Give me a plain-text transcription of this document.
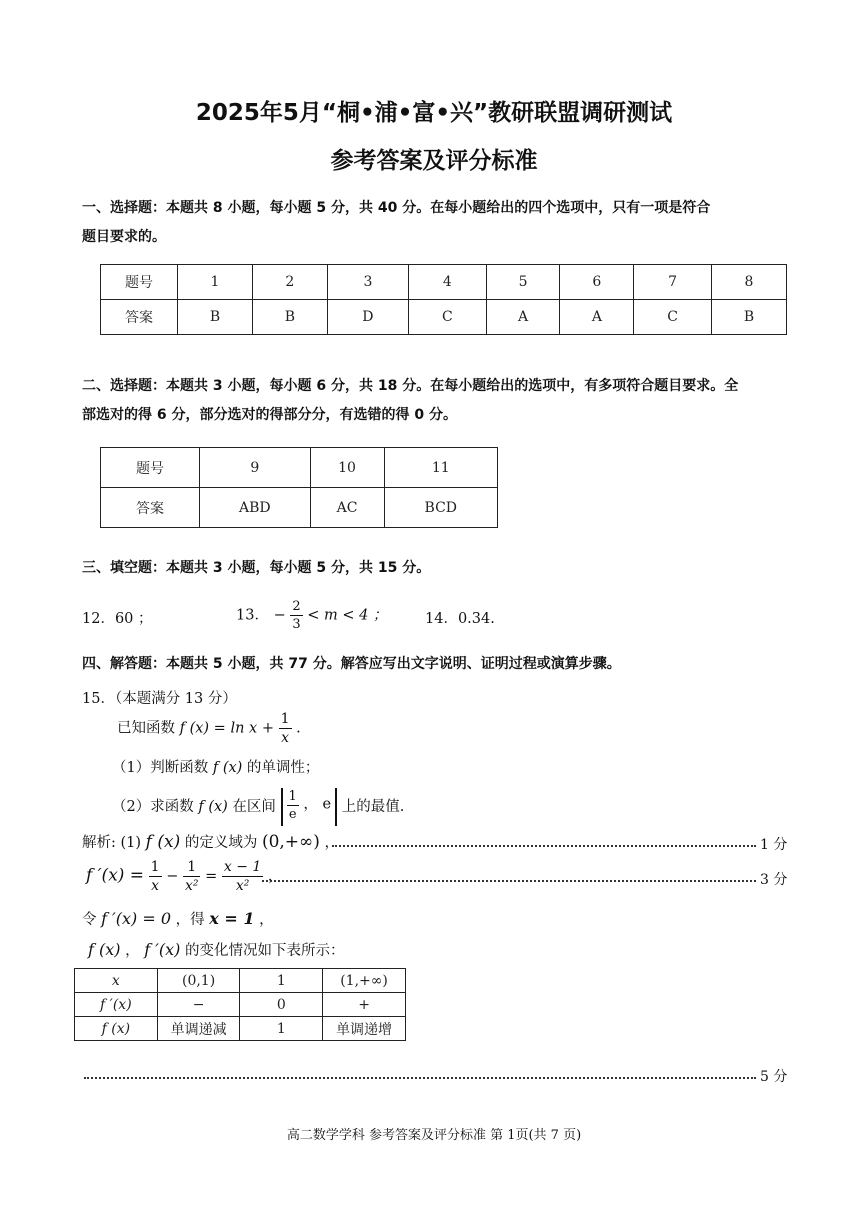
2025年5月“桐•浦•富•兴”教研联盟调研测试
参考答案及评分标准
一、选择题：本题共 8 小题，每小题 5 分，共 40 分。在每小题给出的四个选项中，只有一项是符合
题目要求的。
题号	1	2	3	4	5	6	7	8
答案	B	B	D	C	A	A	C	B
二、选择题：本题共 3 小题，每小题 6 分，共 18 分。在每小题给出的选项中，有多项符合题目要求。全
部选对的得 6 分，部分选对的得部分分，有选错的得 0 分。
题号	9	10	11
答案	ABD	AC	BCD
三、填空题：本题共 3 小题，每小题 5 分，共 15 分。
12．60 ；	13． − $\frac{2}{3} < m < 4$ ；	14．0.34.
四、解答题：本题共 5 小题，共 77 分。解答应写出文字说明、证明过程或演算步骤。
15．（本题满分 13 分）
已知函数 f $(x) = \ln x + \frac{1}{x}$ .
（1）判断函数 f (x) 的单调性；
（2）求函数 f (x) 在区间 $\frac{1}{e}$ ， e 上的最值.
解析: (1) f (x) 的定义域为 (0,+∞) ，	1 分
f $'(x) = \frac{1}{x} - \frac{1}{\text{x²}} = \frac{x - 1}{\text{x²}}$ ，	3 分
令 f ′(x) = 0 ，得 x = 1 ，
f (x) ， f ′(x) 的变化情况如下表所示：
x	(0,1)	1	(1,+∞)
f ′(x)	−	0	+
f (x)	单调递减	1	单调递增
5 分
高二数学学科 参考答案及评分标准 第 1页(共 7 页)
